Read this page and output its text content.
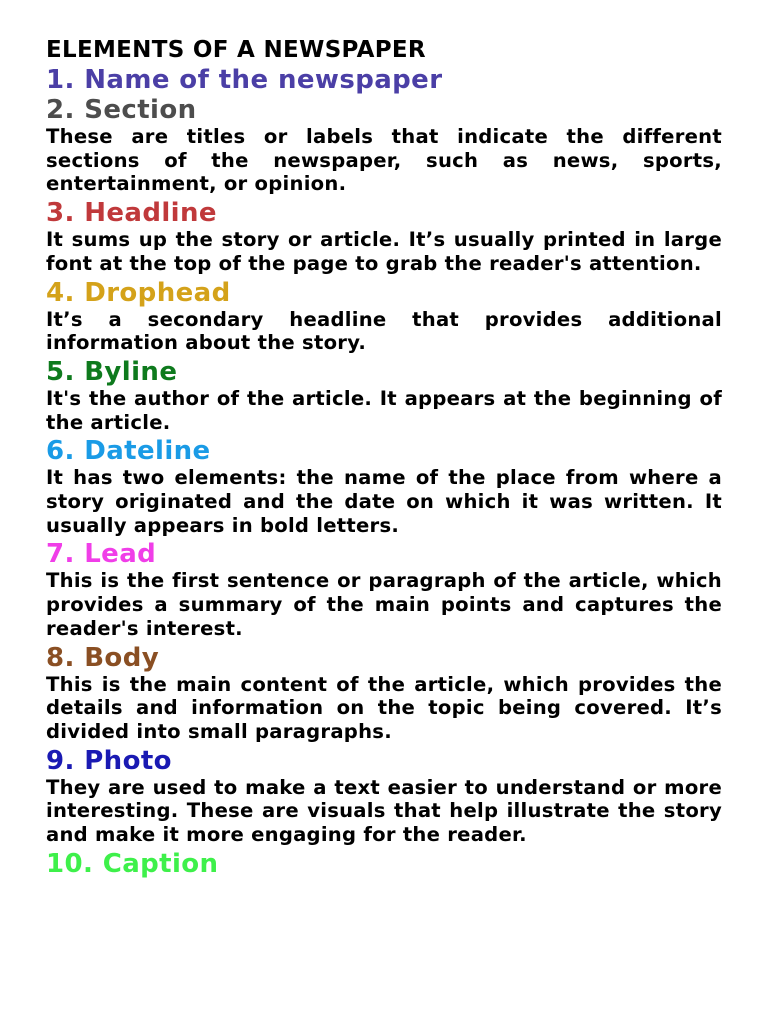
ELEMENTS OF A NEWSPAPER
1. Name of the newspaper
2. Section

These are titles or labels that indicate the different sections of the newspaper, such as news, sports, entertainment, or opinion.

3. Headline

It sums up the story or article. It’s usually printed in large font at the top of the page to grab the reader's attention.

4. Drophead

It’s a secondary headline that provides additional information about the story.

5. Byline

It's the author of the article. It appears at the beginning of the article.

6. Dateline

It has two elements: the name of the place from where a story originated and the date on which it was written. It usually appears in bold letters.

7. Lead

This is the first sentence or paragraph of the article, which provides a summary of the main points and captures the reader's interest.

8. Body

This is the main content of the article, which provides the details and information on the topic being covered. It’s divided into small paragraphs.

9. Photo

They are used to make a text easier to understand or more interesting. These are visuals that help illustrate the story and make it more engaging for the reader.

10. Caption
